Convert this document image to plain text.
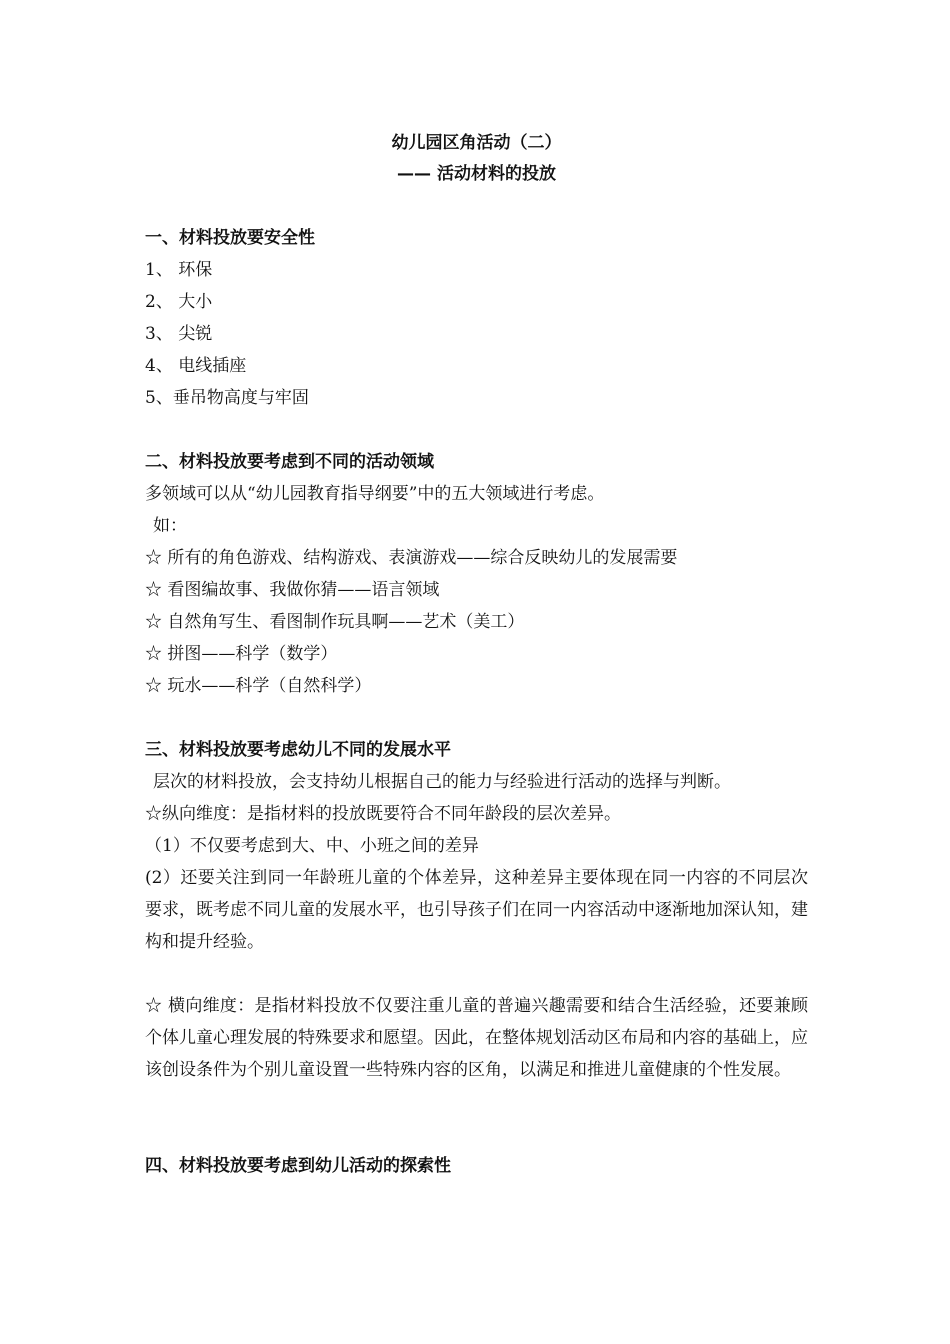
幼儿园区角活动（二）
—— 活动材料的投放
一、材料投放要安全性
1、 环保
2、 大小
3、 尖锐
4、 电线插座
5、垂吊物高度与牢固
二、材料投放要考虑到不同的活动领域
多领域可以从“幼儿园教育指导纲要”中的五大领域进行考虑。
如：
☆ 所有的角色游戏、结构游戏、表演游戏——综合反映幼儿的发展需要
☆ 看图编故事、我做你猜——语言领域
☆ 自然角写生、看图制作玩具啊——艺术（美工）
☆ 拼图——科学（数学）
☆ 玩水——科学（自然科学）
三、材料投放要考虑幼儿不同的发展水平
层次的材料投放，会支持幼儿根据自己的能力与经验进行活动的选择与判断。
☆纵向维度：是指材料的投放既要符合不同年龄段的层次差异。
（1）不仅要考虑到大、中、小班之间的差异
(2）还要关注到同一年龄班儿童的个体差异，这种差异主要体现在同一内容的不同层次要求，既考虑不同儿童的发展水平，也引导孩子们在同一内容活动中逐渐地加深认知，建构和提升经验。
☆ 横向维度：是指材料投放不仅要注重儿童的普遍兴趣需要和结合生活经验，还要兼顾个体儿童心理发展的特殊要求和愿望。因此，在整体规划活动区布局和内容的基础上，应该创设条件为个别儿童设置一些特殊内容的区角，以满足和推进儿童健康的个性发展。
四、材料投放要考虑到幼儿活动的探索性
